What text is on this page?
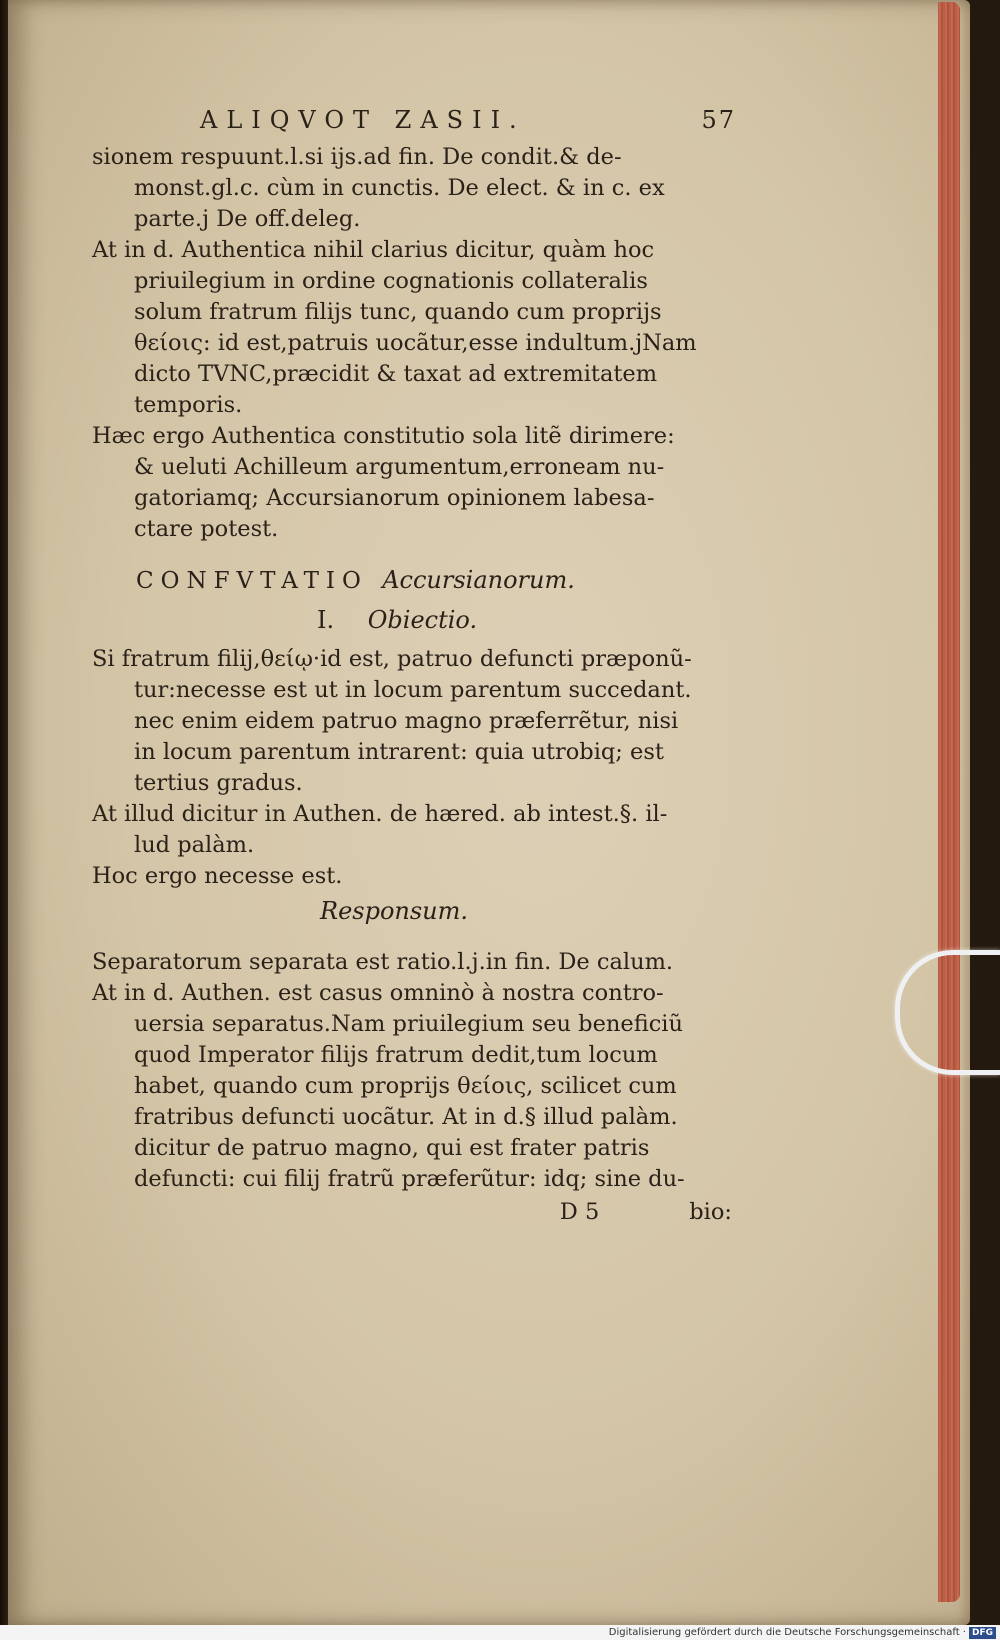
ALIQVOT ZASII.	57
sionem respuunt.l.si ijs.ad fin. De condit.& de-
monst.gl.c. cùm in cunctis. De elect. & in c. ex
parte.j De off.deleg.
At in d. Authentica nihil clarius dicitur, quàm hoc
priuilegium in ordine cognationis collateralis
solum fratrum filijs tunc, quando cum proprijs
θείοις: id est,patruis uocãtur,esse indultum.jNam
dicto TVNC,præcidit & taxat ad extremitatem
temporis.
Hæc ergo Authentica constitutio sola litẽ dirimere:
& ueluti Achilleum argumentum,erroneam nu-
gatoriamq; Accursianorum opinionem labesa-
ctare potest.
CONFVTATIO Accursianorum.
I. Obiectio.
Si fratrum filij,θείῳ·id est, patruo defuncti præponũ-
tur:necesse est ut in locum parentum succedant.
nec enim eidem patruo magno præferrẽtur, nisi
in locum parentum intrarent: quia utrobiq; est
tertius gradus.
At illud dicitur in Authen. de hæred. ab intest.§. il-
lud palàm.
Hoc ergo necesse est.
Responsum.
Separatorum separata est ratio.l.j.in fin. De calum.
At in d. Authen. est casus omninò à nostra contro-
uersia separatus.Nam priuilegium seu beneficiũ
quod Imperator filijs fratrum dedit,tum locum
habet, quando cum proprijs θείοις, scilicet cum
fratribus defuncti uocãtur. At in d.§ illud palàm.
dicitur de patruo magno, qui est frater patris
defuncti: cui filij fratrũ præferũtur: idq; sine du-
D 5	bio:
Digitalisierung gefördert durch die Deutsche Forschungsgemeinschaft · DFG
